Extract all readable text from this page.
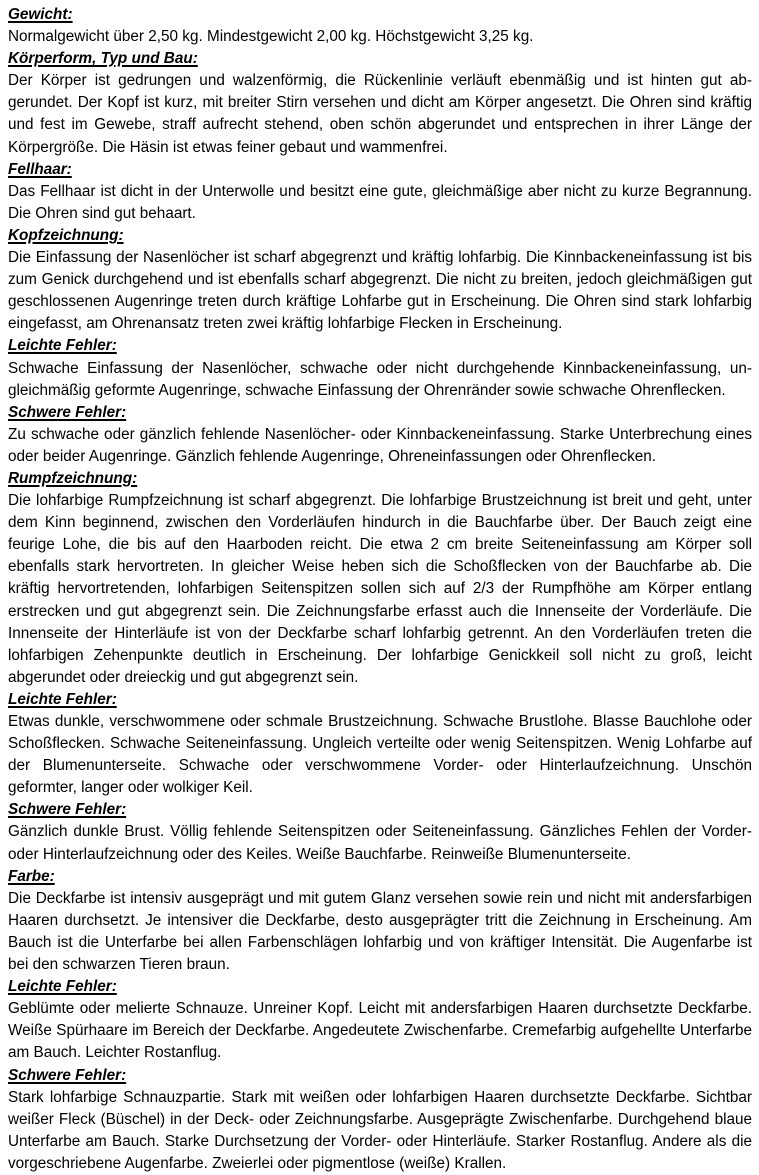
Gewicht:

Normalgewicht über 2,50 kg. Mindestgewicht 2,00 kg. Höchstgewicht 3,25 kg.

Körperform, Typ und Bau:

Der Körper ist gedrungen und walzenförmig, die Rückenlinie verläuft ebenmäßig und ist hinten gut abgerundet. Der Kopf ist kurz, mit breiter Stirn versehen und dicht am Körper angesetzt. Die Ohren sind kräftig und fest im Gewebe, straff aufrecht stehend, oben schön abgerundet und entsprechen in ihrer Länge der Körpergröße. Die Häsin ist etwas feiner gebaut und wammenfrei.

Fellhaar:

Das Fellhaar ist dicht in der Unterwolle und besitzt eine gute, gleichmäßige aber nicht zu kurze Begrannung. Die Ohren sind gut behaart.

Kopfzeichnung:

Die Einfassung der Nasenlöcher ist scharf abgegrenzt und kräftig lohfarbig. Die Kinnbackeneinfassung ist bis zum Genick durchgehend und ist ebenfalls scharf abgegrenzt. Die nicht zu breiten, jedoch gleichmäßigen gut geschlossenen Augenringe treten durch kräftige Lohfarbe gut in Erscheinung. Die Ohren sind stark lohfarbig eingefasst, am Ohrenansatz treten zwei kräftig lohfarbige Flecken in Erscheinung.

Leichte Fehler:

Schwache Einfassung der Nasenlöcher, schwache oder nicht durchgehende Kinnbackeneinfassung, ungleichmäßig geformte Augenringe, schwache Einfassung der Ohrenränder sowie schwache Ohrenflecken.

Schwere Fehler:

Zu schwache oder gänzlich fehlende Nasenlöcher- oder Kinnbackeneinfassung. Starke Unterbrechung eines oder beider Augenringe. Gänzlich fehlende Augenringe, Ohreneinfassungen oder Ohrenflecken.

Rumpfzeichnung:

Die lohfarbige Rumpfzeichnung ist scharf abgegrenzt. Die lohfarbige Brustzeichnung ist breit und geht, unter dem Kinn beginnend, zwischen den Vorderläufen hindurch in die Bauchfarbe über. Der Bauch zeigt eine feurige Lohe, die bis auf den Haarboden reicht. Die etwa 2 cm breite Seiteneinfassung am Körper soll ebenfalls stark hervortreten. In gleicher Weise heben sich die Schoßflecken von der Bauchfarbe ab. Die kräftig hervortretenden, lohfarbigen Seitenspitzen sollen sich auf 2/3 der Rumpfhöhe am Körper entlang erstrecken und gut abgegrenzt sein. Die Zeichnungsfarbe erfasst auch die Innenseite der Vorderläufe. Die Innenseite der Hinterläufe ist von der Deckfarbe scharf lohfarbig getrennt. An den Vorderläufen treten die lohfarbigen Zehenpunkte deutlich in Erscheinung. Der lohfarbige Genickkeil soll nicht zu groß, leicht abgerundet oder dreieckig und gut abgegrenzt sein.

Leichte Fehler:

Etwas dunkle, verschwommene oder schmale Brustzeichnung. Schwache Brustlohe. Blasse Bauchlohe oder Schoßflecken. Schwache Seiteneinfassung. Ungleich verteilte oder wenig Seitenspitzen. Wenig Lohfarbe auf der Blumenunterseite. Schwache oder verschwommene Vorder- oder Hinterlaufzeichnung. Unschön geformter, langer oder wolkiger Keil.

Schwere Fehler:

Gänzlich dunkle Brust. Völlig fehlende Seitenspitzen oder Seiteneinfassung. Gänzliches Fehlen der Vorder- oder Hinterlaufzeichnung oder des Keiles. Weiße Bauchfarbe. Reinweiße Blumenunterseite.

Farbe:

Die Deckfarbe ist intensiv ausgeprägt und mit gutem Glanz versehen sowie rein und nicht mit andersfarbigen Haaren durchsetzt. Je intensiver die Deckfarbe, desto ausgeprägter tritt die Zeichnung in Erscheinung. Am Bauch ist die Unterfarbe bei allen Farbenschlägen lohfarbig und von kräftiger Intensität. Die Augenfarbe ist bei den schwarzen Tieren braun.

Leichte Fehler:

Geblümte oder melierte Schnauze. Unreiner Kopf. Leicht mit andersfarbigen Haaren durchsetzte Deckfarbe. Weiße Spürhaare im Bereich der Deckfarbe. Angedeutete Zwischenfarbe. Cremefarbig aufgehellte Unterfarbe am Bauch. Leichter Rostanflug.

Schwere Fehler:

Stark lohfarbige Schnauzpartie. Stark mit weißen oder lohfarbigen Haaren durchsetzte Deckfarbe. Sichtbar weißer Fleck (Büschel) in der Deck- oder Zeichnungsfarbe. Ausgeprägte Zwischenfarbe. Durchgehend blaue Unterfarbe am Bauch. Starke Durchsetzung der Vorder- oder Hinterläufe. Starker Rostanflug. Andere als die vorgeschriebene Augenfarbe. Zweierlei oder pigmentlose (weiße) Krallen.
